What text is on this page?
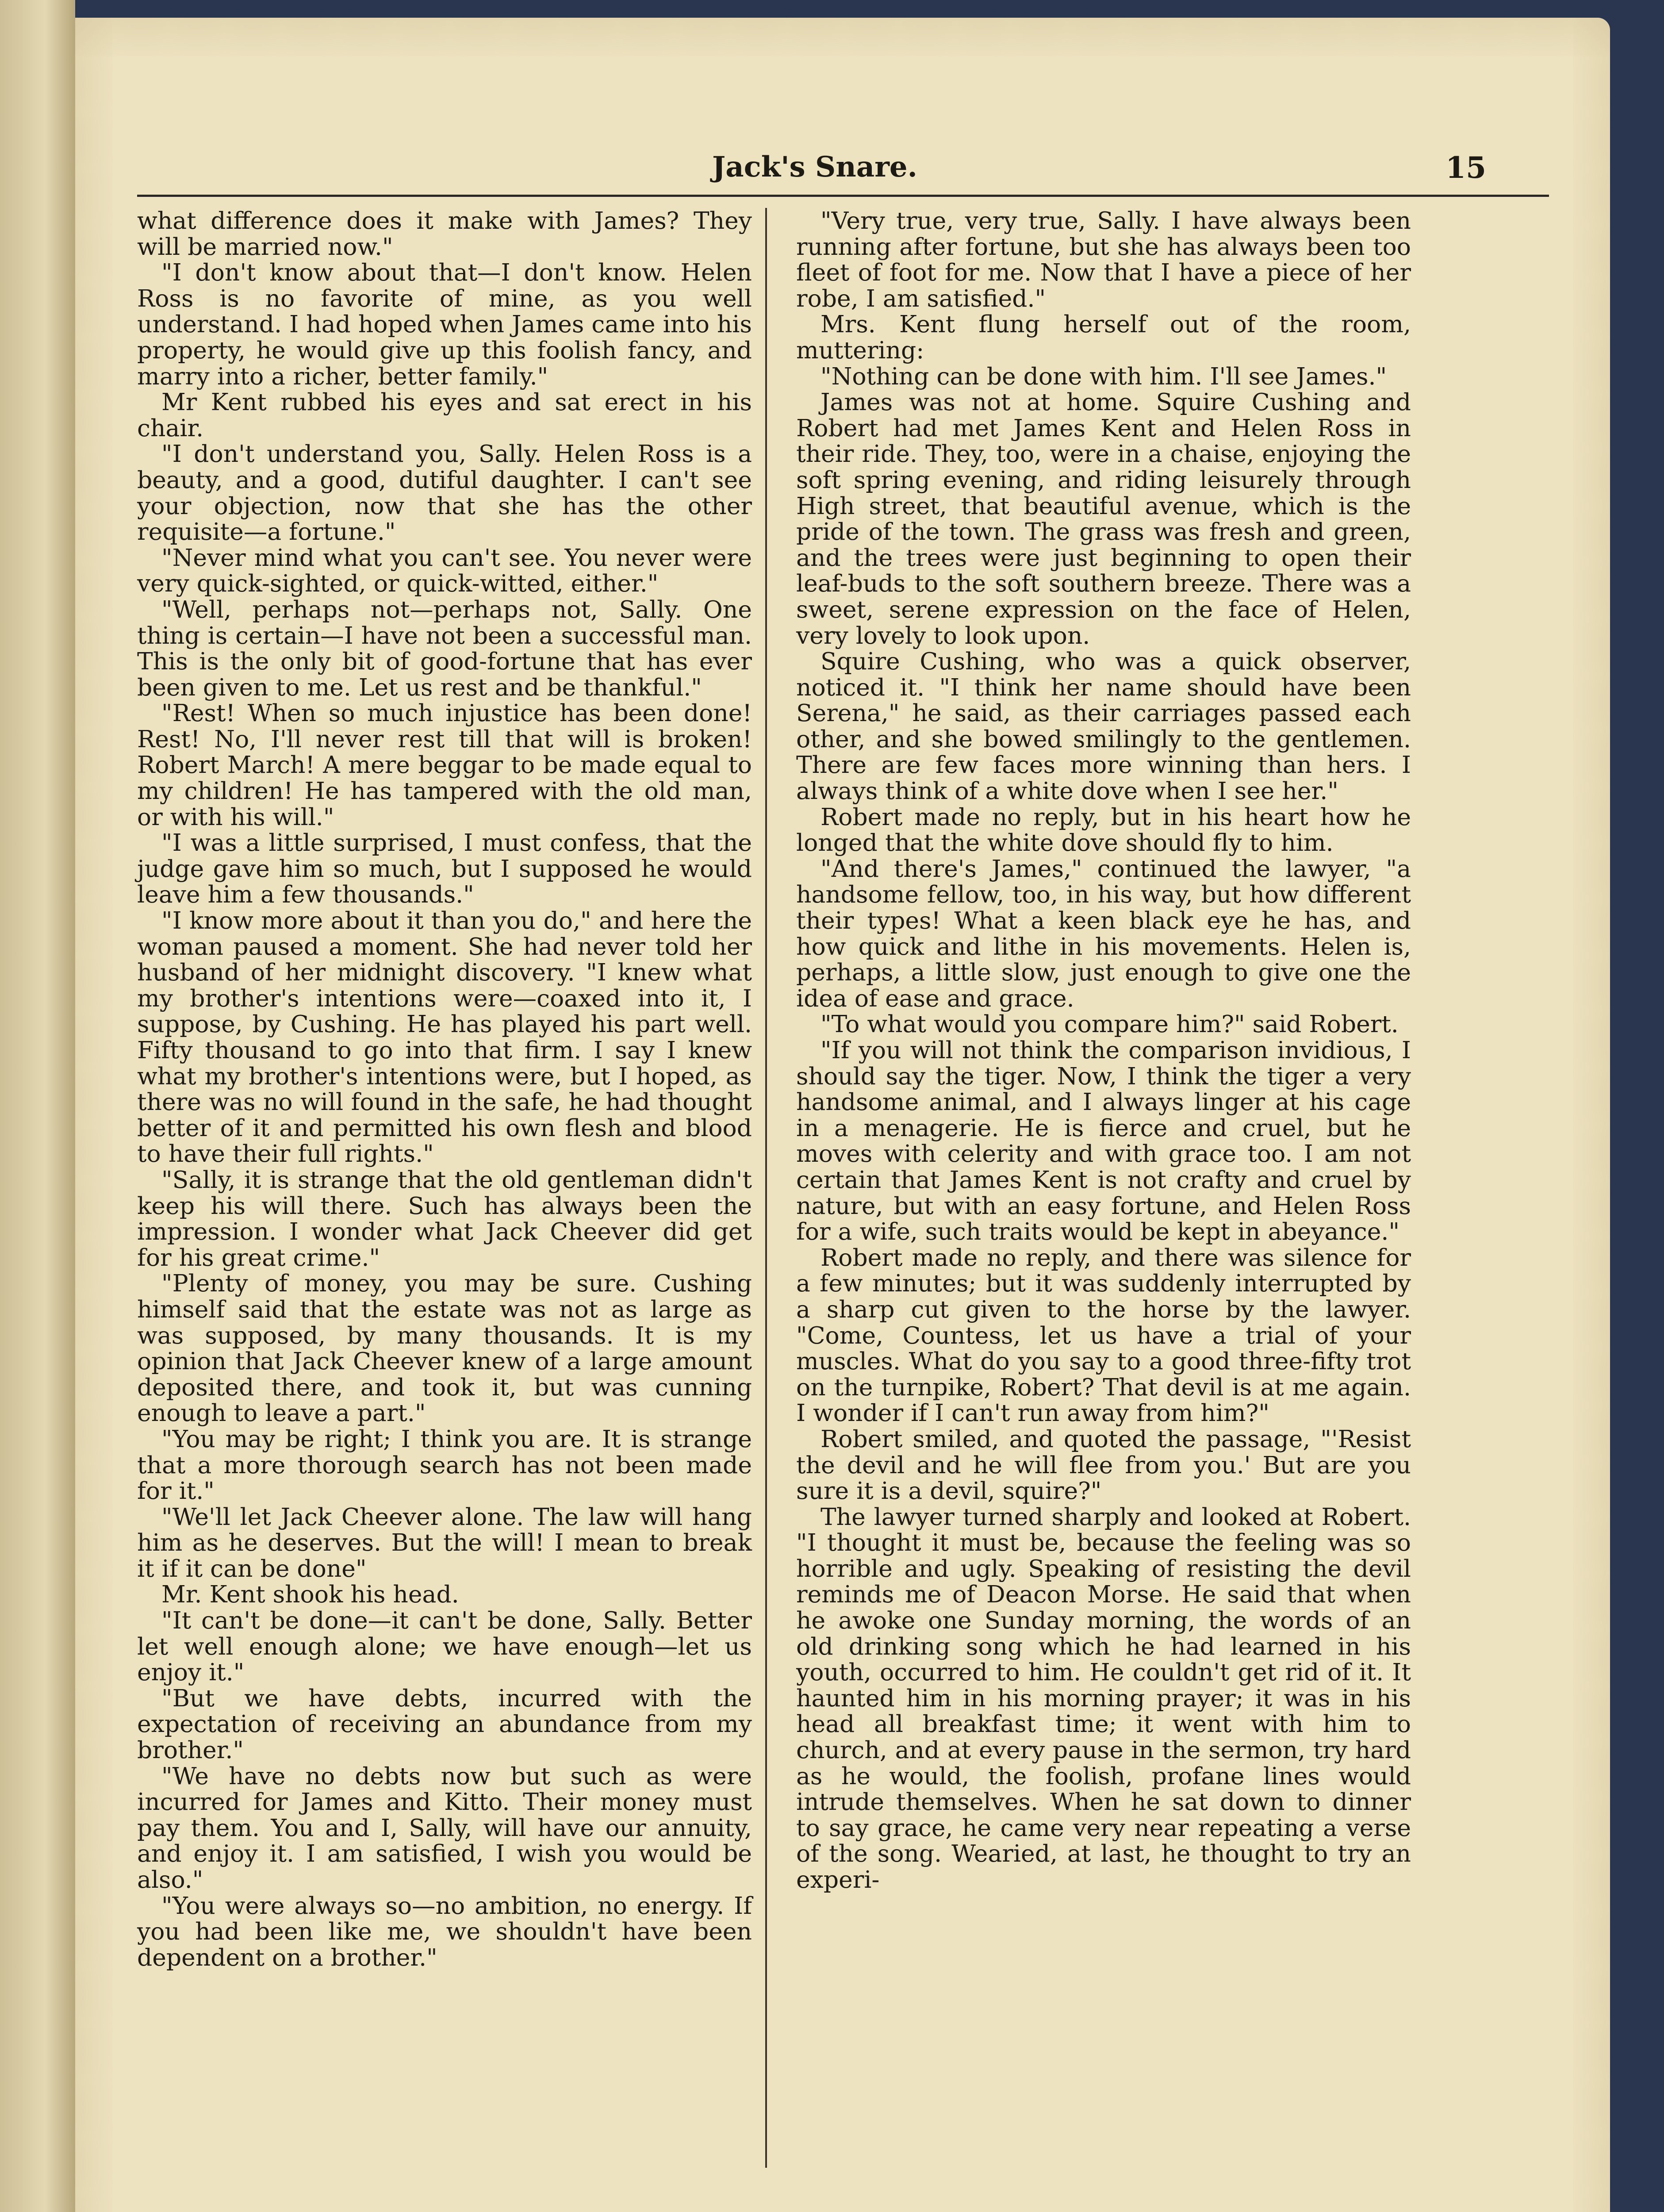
Jack's Snare.	15

what difference does it make with James? They will be married now."

"I don't know about that—I don't know. Helen Ross is no favorite of mine, as you well understand. I had hoped when James came into his property, he would give up this foolish fancy, and marry into a richer, better family."

Mr Kent rubbed his eyes and sat erect in his chair.

"I don't understand you, Sally. Helen Ross is a beauty, and a good, dutiful daughter. I can't see your objection, now that she has the other requisite—a fortune."

"Never mind what you can't see. You never were very quick-sighted, or quick-witted, either."

"Well, perhaps not—perhaps not, Sally. One thing is certain—I have not been a successful man. This is the only bit of good-fortune that has ever been given to me. Let us rest and be thankful."

"Rest! When so much injustice has been done! Rest! No, I'll never rest till that will is broken! Robert March! A mere beggar to be made equal to my children! He has tampered with the old man, or with his will."

"I was a little surprised, I must confess, that the judge gave him so much, but I supposed he would leave him a few thousands."

"I know more about it than you do," and here the woman paused a moment. She had never told her husband of her midnight discovery. "I knew what my brother's intentions were—coaxed into it, I suppose, by Cushing. He has played his part well. Fifty thousand to go into that firm. I say I knew what my brother's intentions were, but I hoped, as there was no will found in the safe, he had thought better of it and permitted his own flesh and blood to have their full rights."

"Sally, it is strange that the old gentleman didn't keep his will there. Such has always been the impression. I wonder what Jack Cheever did get for his great crime."

"Plenty of money, you may be sure. Cushing himself said that the estate was not as large as was supposed, by many thousands. It is my opinion that Jack Cheever knew of a large amount deposited there, and took it, but was cunning enough to leave a part."

"You may be right; I think you are. It is strange that a more thorough search has not been made for it."

"We'll let Jack Cheever alone. The law will hang him as he deserves. But the will! I mean to break it if it can be done"

Mr. Kent shook his head.

"It can't be done—it can't be done, Sally. Better let well enough alone; we have enough—let us enjoy it."

"But we have debts, incurred with the expectation of receiving an abundance from my brother."

"We have no debts now but such as were incurred for James and Kitto. Their money must pay them. You and I, Sally, will have our annuity, and enjoy it. I am satisfied, I wish you would be also."

"You were always so—no ambition, no energy. If you had been like me, we shouldn't have been dependent on a brother."

"Very true, very true, Sally. I have always been running after fortune, but she has always been too fleet of foot for me. Now that I have a piece of her robe, I am satisfied."

Mrs. Kent flung herself out of the room, muttering:

"Nothing can be done with him. I'll see James."

James was not at home. Squire Cushing and Robert had met James Kent and Helen Ross in their ride. They, too, were in a chaise, enjoying the soft spring evening, and riding leisurely through High street, that beautiful avenue, which is the pride of the town. The grass was fresh and green, and the trees were just beginning to open their leaf-buds to the soft southern breeze. There was a sweet, serene expression on the face of Helen, very lovely to look upon.

Squire Cushing, who was a quick observer, noticed it. "I think her name should have been Serena," he said, as their carriages passed each other, and she bowed smilingly to the gentlemen. There are few faces more winning than hers. I always think of a white dove when I see her."

Robert made no reply, but in his heart how he longed that the white dove should fly to him.

"And there's James," continued the lawyer, "a handsome fellow, too, in his way, but how different their types! What a keen black eye he has, and how quick and lithe in his movements. Helen is, perhaps, a little slow, just enough to give one the idea of ease and grace.

"To what would you compare him?" said Robert.

"If you will not think the comparison invidious, I should say the tiger. Now, I think the tiger a very handsome animal, and I always linger at his cage in a menagerie. He is fierce and cruel, but he moves with celerity and with grace too. I am not certain that James Kent is not crafty and cruel by nature, but with an easy fortune, and Helen Ross for a wife, such traits would be kept in abeyance."

Robert made no reply, and there was silence for a few minutes; but it was suddenly interrupted by a sharp cut given to the horse by the lawyer. "Come, Countess, let us have a trial of your muscles. What do you say to a good three-fifty trot on the turnpike, Robert? That devil is at me again. I wonder if I can't run away from him?"

Robert smiled, and quoted the passage, "'Resist the devil and he will flee from you.' But are you sure it is a devil, squire?"

The lawyer turned sharply and looked at Robert. "I thought it must be, because the feeling was so horrible and ugly. Speaking of resisting the devil reminds me of Deacon Morse. He said that when he awoke one Sunday morning, the words of an old drinking song which he had learned in his youth, occurred to him. He couldn't get rid of it. It haunted him in his morning prayer; it was in his head all breakfast time; it went with him to church, and at every pause in the sermon, try hard as he would, the foolish, profane lines would intrude themselves. When he sat down to dinner to say grace, he came very near repeating a verse of the song. Wearied, at last, he thought to try an experi-
